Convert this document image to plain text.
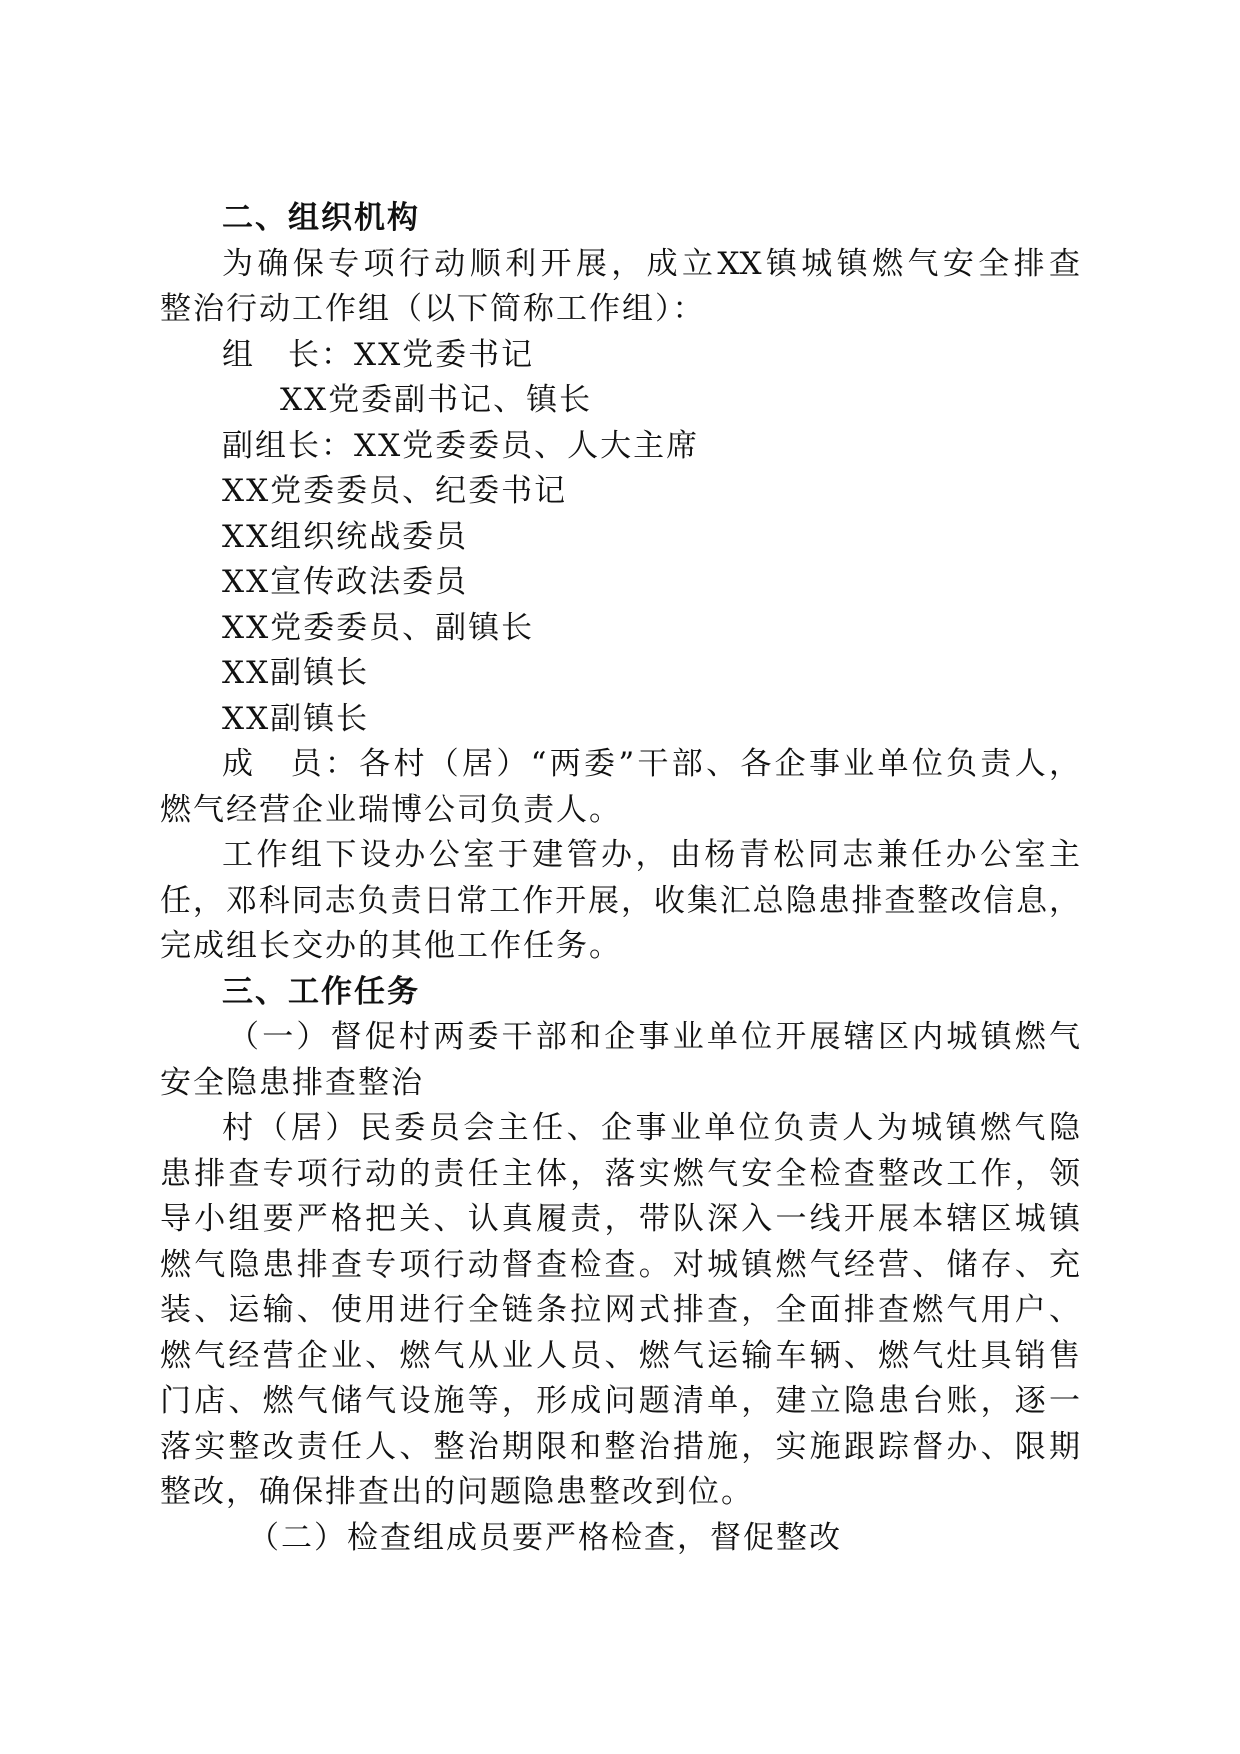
二、组织机构
为确保专项行动顺利开展，成立XX镇城镇燃气安全排查
整治行动工作组（以下简称工作组）：
组　长：XX党委书记
XX党委副书记、镇长
副组长：XX党委委员、人大主席
XX党委委员、纪委书记
XX组织统战委员
XX宣传政法委员
XX党委委员、副镇长
XX副镇长
XX副镇长
成　员：各村（居）“两委”干部、各企事业单位负责人，
燃气经营企业瑞博公司负责人。
工作组下设办公室于建管办，由杨青松同志兼任办公室主
任，邓科同志负责日常工作开展，收集汇总隐患排查整改信息，
完成组长交办的其他工作任务。
三、工作任务
（一）督促村两委干部和企事业单位开展辖区内城镇燃气
安全隐患排查整治
村（居）民委员会主任、企事业单位负责人为城镇燃气隐
患排查专项行动的责任主体，落实燃气安全检查整改工作，领
导小组要严格把关、认真履责，带队深入一线开展本辖区城镇
燃气隐患排查专项行动督查检查。对城镇燃气经营、储存、充
装、运输、使用进行全链条拉网式排查，全面排查燃气用户、
燃气经营企业、燃气从业人员、燃气运输车辆、燃气灶具销售
门店、燃气储气设施等，形成问题清单，建立隐患台账，逐一
落实整改责任人、整治期限和整治措施，实施跟踪督办、限期
整改，确保排查出的问题隐患整改到位。
（二）检查组成员要严格检查，督促整改
